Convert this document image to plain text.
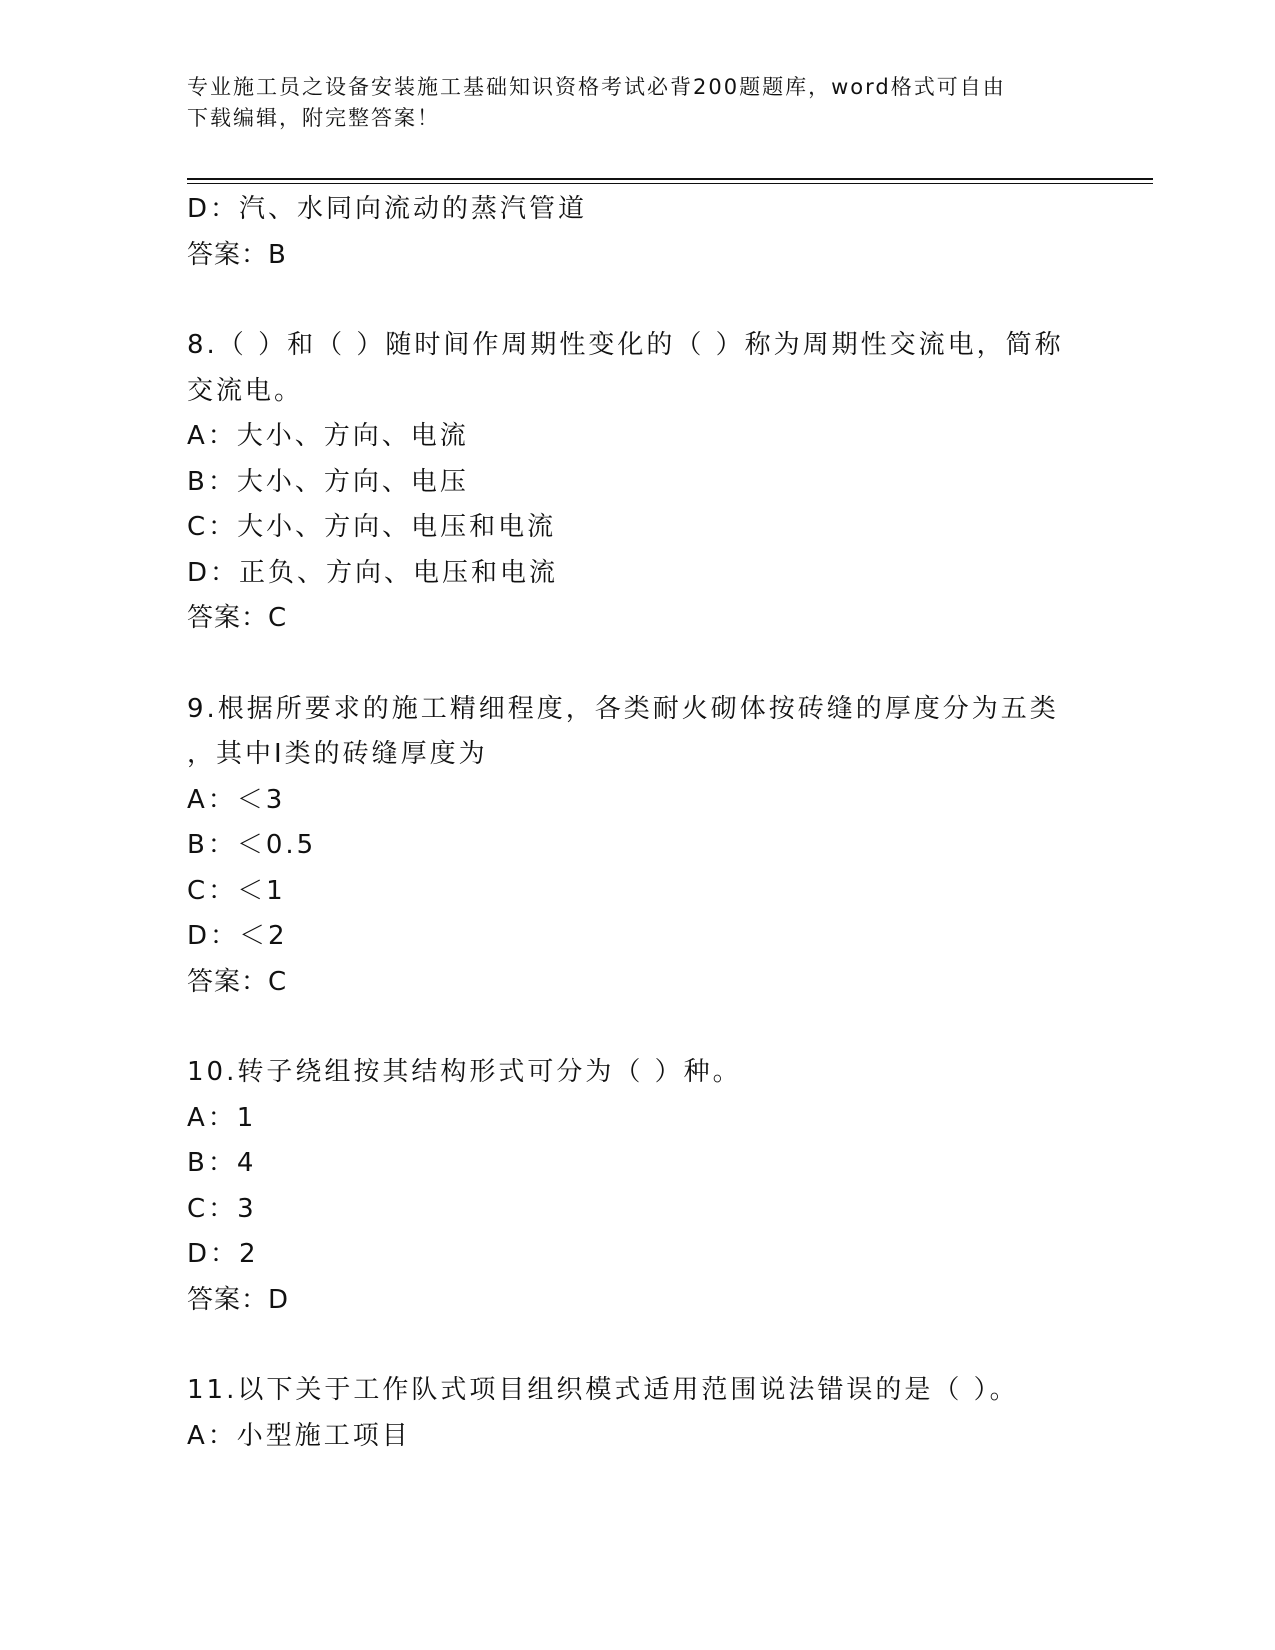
专业施工员之设备安装施工基础知识资格考试必背200题题库，word格式可自由
下载编辑，附完整答案！
D：汽、水同向流动的蒸汽管道
答案：B
8.（ ）和（ ）随时间作周期性变化的（ ）称为周期性交流电，简称
交流电。
A：大小、方向、电流
B：大小、方向、电压
C：大小、方向、电压和电流
D：正负、方向、电压和电流
答案：C
9.根据所要求的施工精细程度，各类耐火砌体按砖缝的厚度分为五类
，其中Ⅰ类的砖缝厚度为
A：＜3
B：＜0.5
C：＜1
D：＜2
答案：C
10.转子绕组按其结构形式可分为（ ）种。
A：1
B：4
C：3
D：2
答案：D
11.以下关于工作队式项目组织模式适用范围说法错误的是（ ）。
A：小型施工项目
